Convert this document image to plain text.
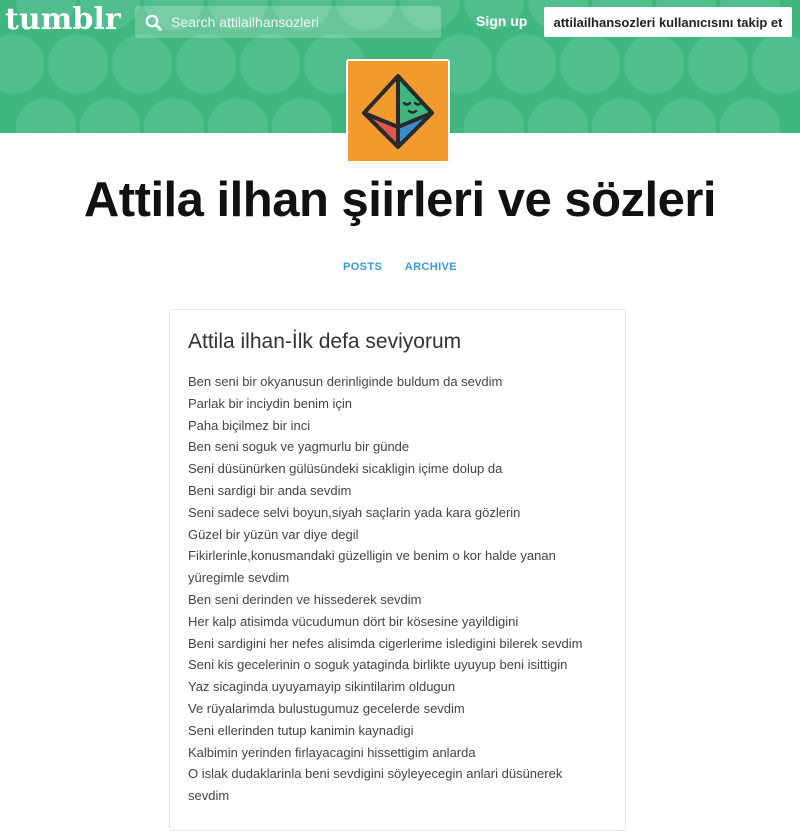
tumblr	Search attilailhansozleri	Sign up	attilailhansozleri kullanıcısını takip et
Attila ilhan şiirleri ve sözleri
POSTS ARCHIVE
Attila ilhan-İlk defa seviyorum
Ben seni bir okyanusun derinliginde buldum da sevdim
Parlak bir inciydin benim için
Paha biçilmez bir inci
Ben seni soguk ve yagmurlu bir günde
Seni düsünürken gülüsündeki sicakligin içime dolup da
Beni sardigi bir anda sevdim
Seni sadece selvi boyun,siyah saçlarin yada kara gözlerin
Güzel bir yüzün var diye degil
Fikirlerinle,konusmandaki güzelligin ve benim o kor halde yanan
yüregimle sevdim
Ben seni derinden ve hissederek sevdim
Her kalp atisimda vücudumun dört bir kösesine yayildigini
Beni sardigini her nefes alisimda cigerlerime isledigini bilerek sevdim
Seni kis gecelerinin o soguk yataginda birlikte uyuyup beni isittigin
Yaz sicaginda uyuyamayip sikintilarim oldugun
Ve rüyalarimda bulustugumuz gecelerde sevdim
Seni ellerinden tutup kanimin kaynadigi
Kalbimin yerinden firlayacagini hissettigim anlarda
O islak dudaklarinla beni sevdigini söyleyecegin anlari düsünerek
sevdim
